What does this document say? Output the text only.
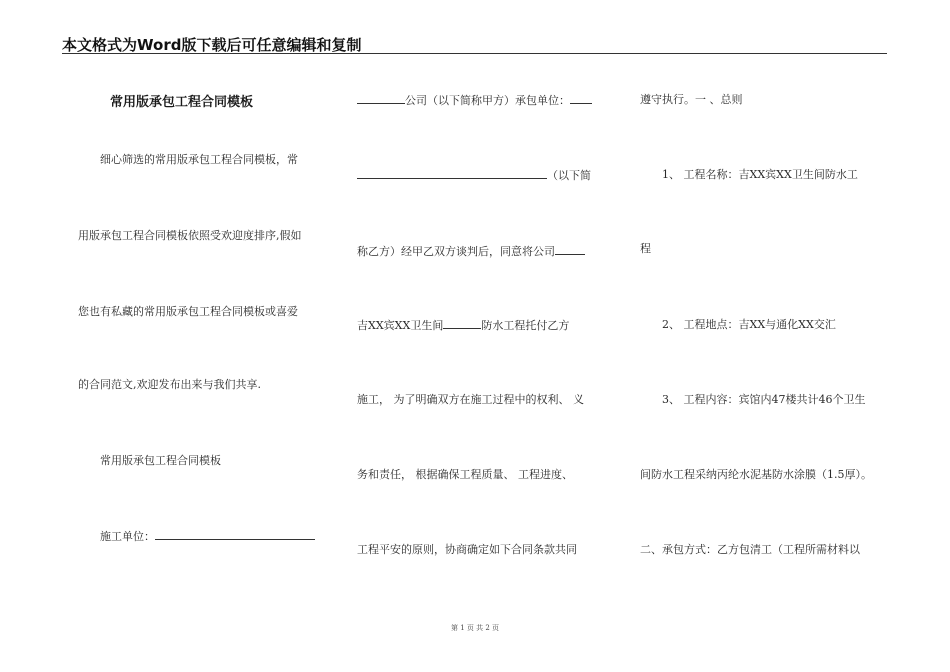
本文格式为Word版下载后可任意编辑和复制
常用版承包工程合同模板
细心筛选的常用版承包工程合同模板，常
用版承包工程合同模板依照受欢迎度排序,假如
您也有私藏的常用版承包工程合同模板或喜爱
的合同范文,欢迎发布出来与我们共享.
常用版承包工程合同模板
施工单位：
公司（以下简称甲方）承包单位：
（以下简
称乙方）经甲乙双方谈判后，同意将公司
吉XX宾XX卫生间	防水工程托付乙方
施工， 为了明确双方在施工过程中的权利、 义
务和责任， 根据确保工程质量、 工程进度、
工程平安的原则，协商确定如下合同条款共同
遵守执行。一 、总则
1、 工程名称：吉XX宾XX卫生间防水工
程
2、 工程地点：吉XX与通化XX交汇
3、 工程内容：宾馆内47楼共计46个卫生
间防水工程采纳丙纶水泥基防水涂膜（1.5厚）。
二、承包方式：乙方包清工（工程所需材料以
第 1 页 共 2 页
